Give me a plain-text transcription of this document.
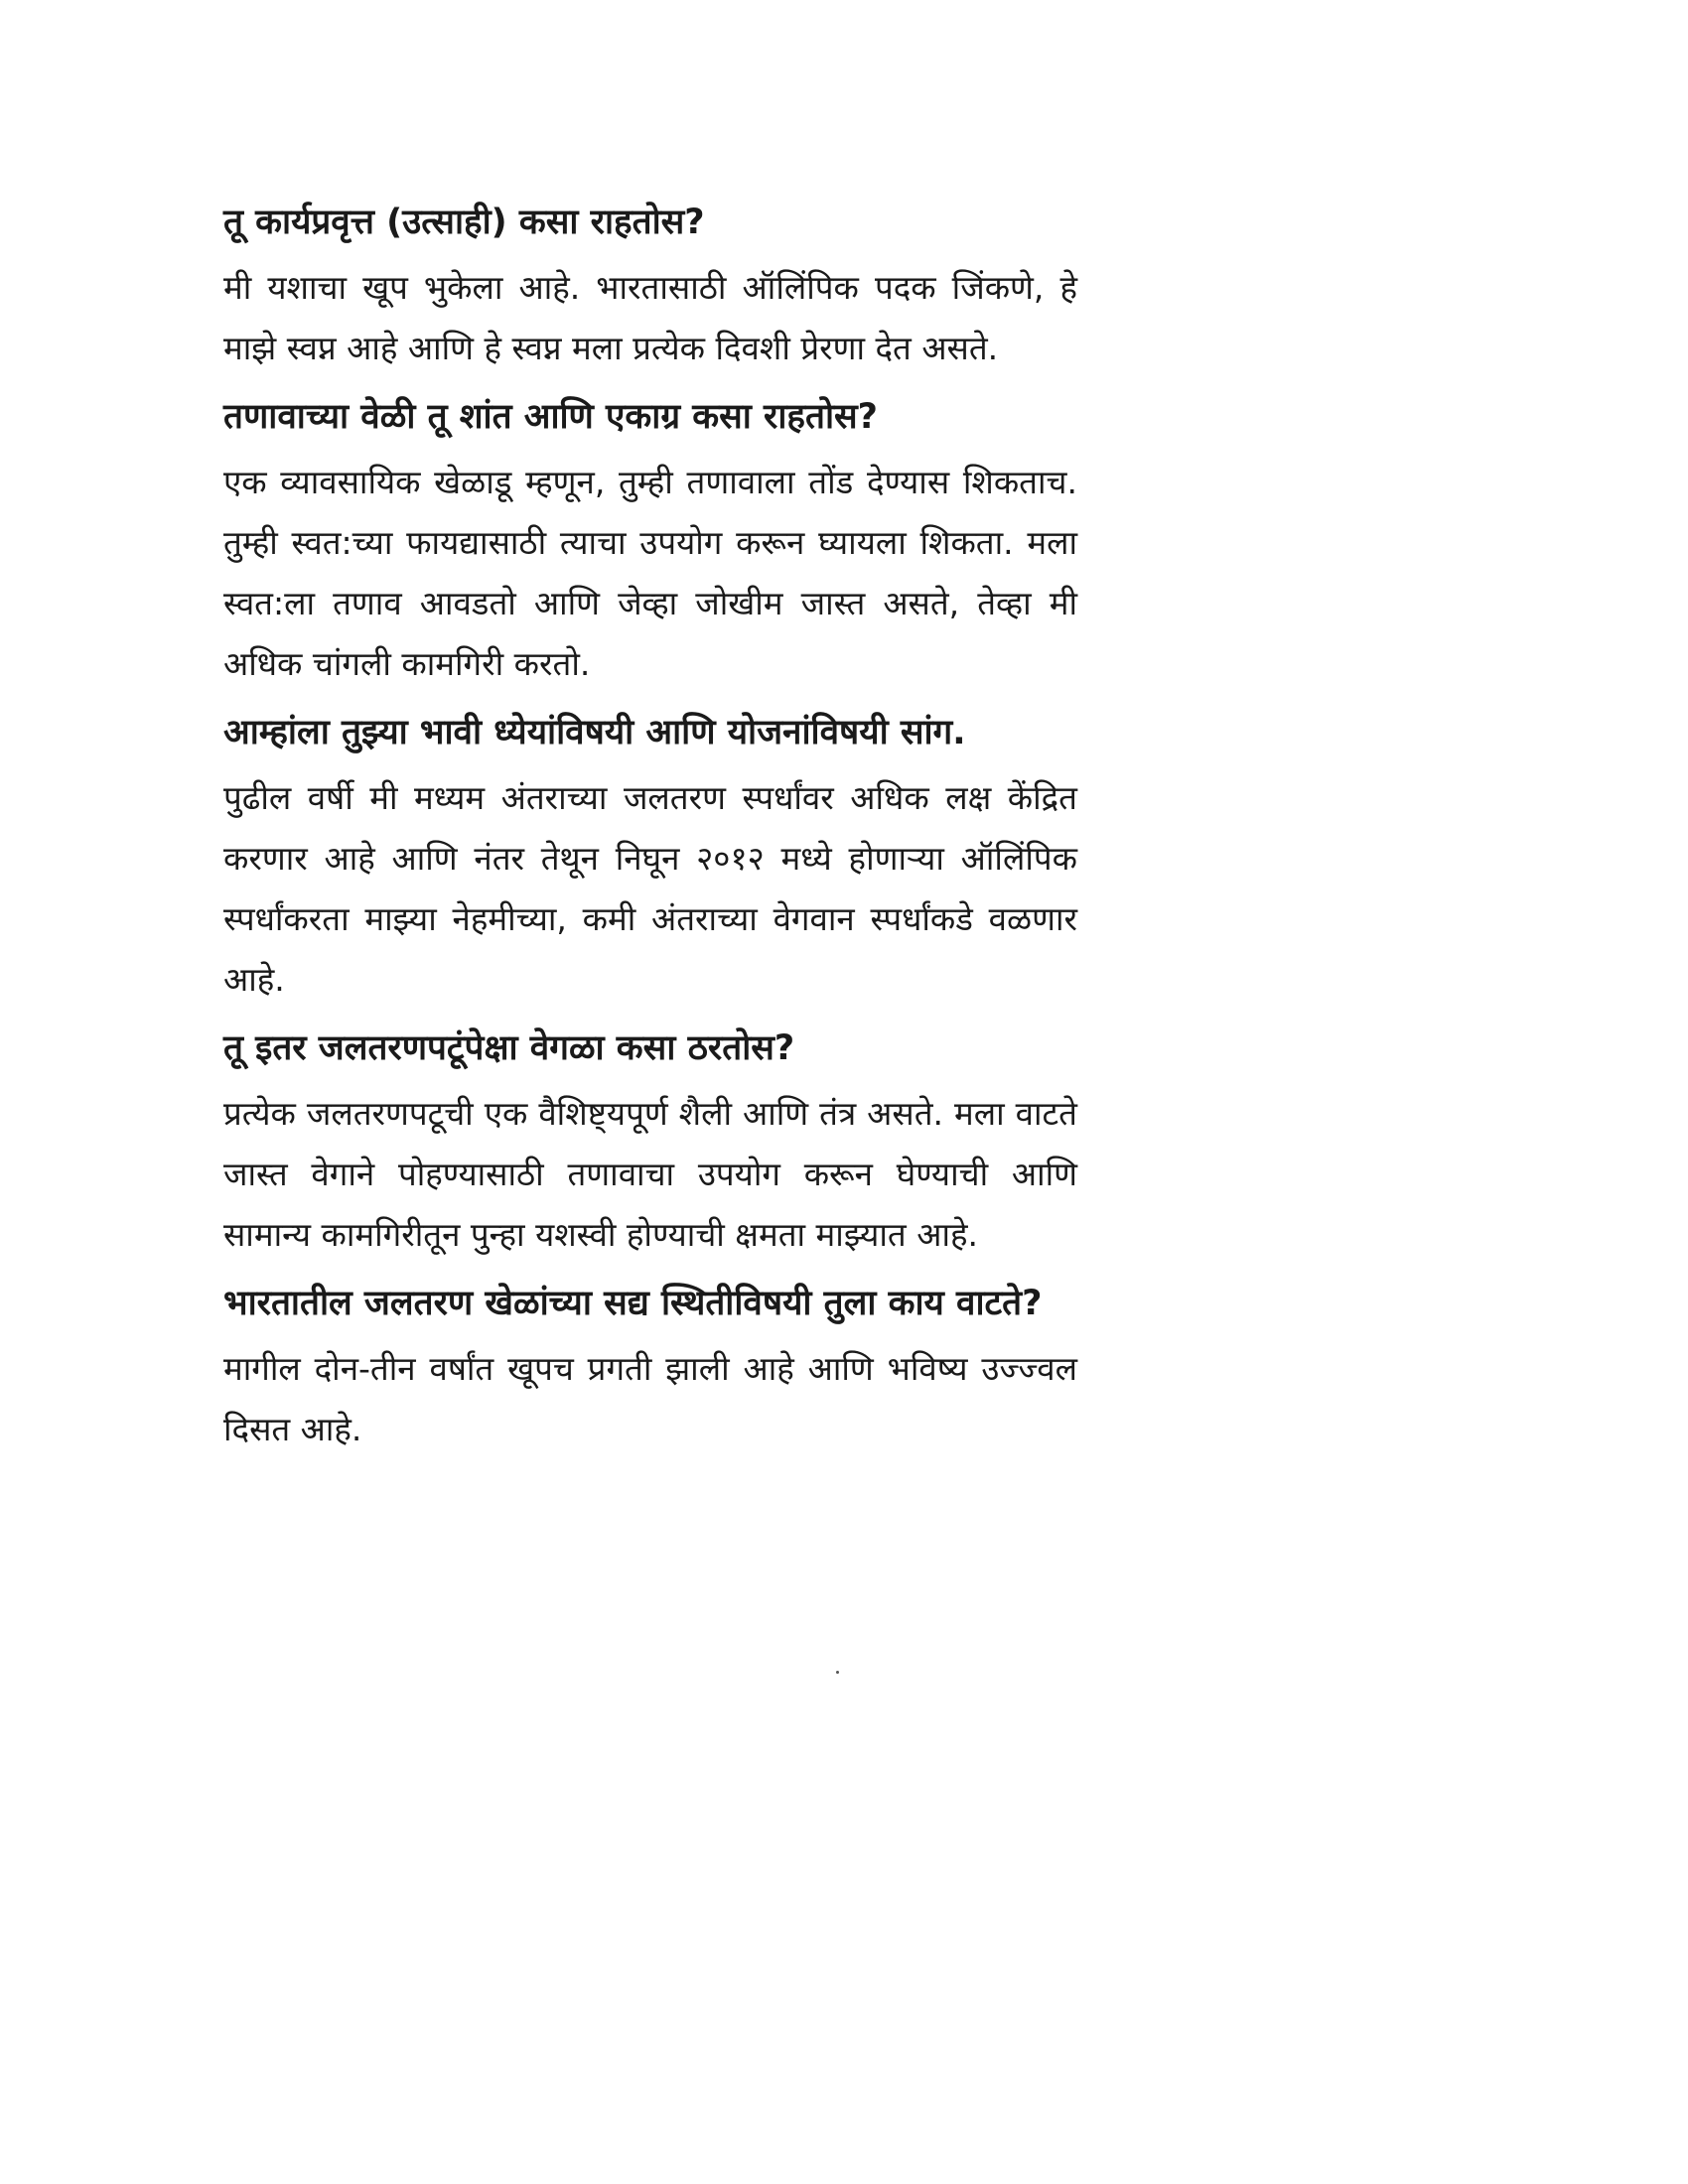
तू कार्यप्रवृत्त (उत्साही) कसा राहतोस?

मी यशाचा खूप भुकेला आहे. भारतासाठी ऑलिंपिक पदक जिंकणे, हे माझे स्वप्न आहे आणि हे स्वप्न मला प्रत्येक दिवशी प्रेरणा देत असते.

तणावाच्या वेळी तू शांत आणि एकाग्र कसा राहतोस?

एक व्यावसायिक खेळाडू म्हणून, तुम्ही तणावाला तोंड देण्यास शिकताच. तुम्ही स्वत:च्या फायद्यासाठी त्याचा उपयोग करून घ्यायला शिकता. मला स्वत:ला तणाव आवडतो आणि जेव्हा जोखीम जास्त असते, तेव्हा मी अधिक चांगली कामगिरी करतो.

आम्हांला तुझ्या भावी ध्येयांविषयी आणि योजनांविषयी सांग.

पुढील वर्षी मी मध्यम अंतराच्या जलतरण स्पर्धांवर अधिक लक्ष केंद्रित करणार आहे आणि नंतर तेथून निघून २०१२ मध्ये होणाऱ्या ऑलिंपिक स्पर्धांकरता माझ्या नेहमीच्या, कमी अंतराच्या वेगवान स्पर्धांकडे वळणार आहे.

तू इतर जलतरणपटूंपेक्षा वेगळा कसा ठरतोस?

प्रत्येक जलतरणपटूची एक वैशिष्ट्यपूर्ण शैली आणि तंत्र असते. मला वाटते जास्त वेगाने पोहण्यासाठी तणावाचा उपयोग करून घेण्याची आणि सामान्य कामगिरीतून पुन्हा यशस्वी होण्याची क्षमता माझ्यात आहे.

भारतातील जलतरण खेळांच्या सद्य स्थितीविषयी तुला काय वाटते?

मागील दोन-तीन वर्षांत खूपच प्रगती झाली आहे आणि भविष्य उज्ज्वल दिसत आहे.
